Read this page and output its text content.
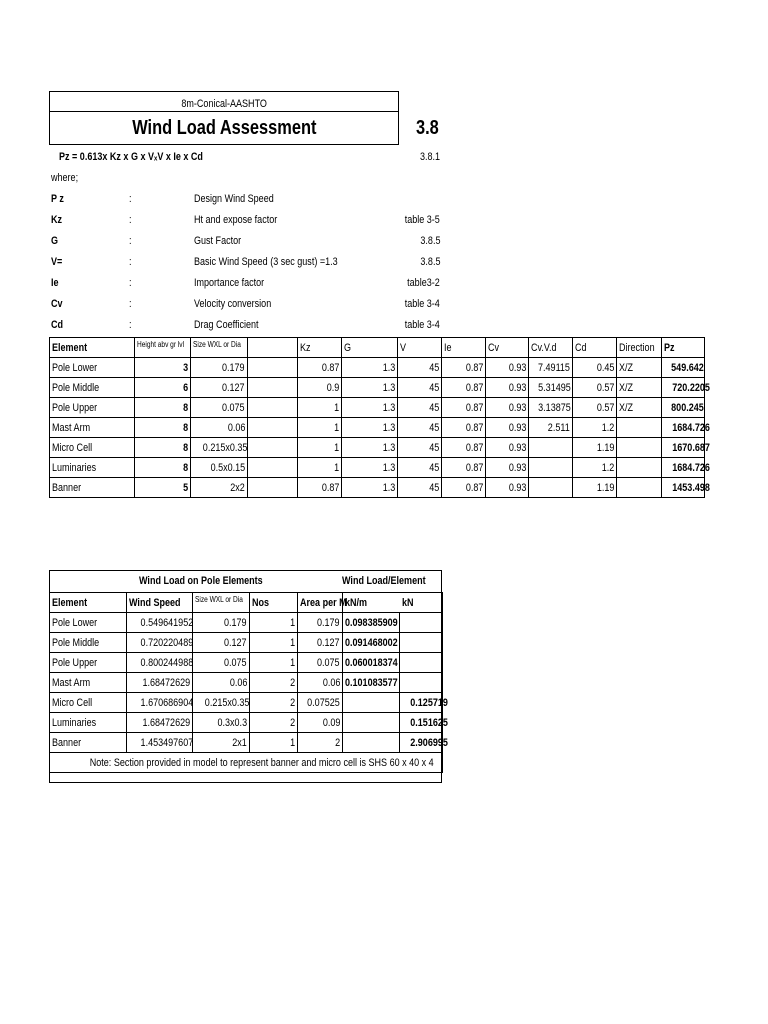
8m-Conical-AASHTO
Wind Load Assessment	3.8
Pz = 0.613x Kz x G x VₓV x Ie x Cd	3.8.1
where;
P z	:	Design Wind Speed
Kz	:	Ht and expose factor	table 3-5
G	:	Gust Factor	3.8.5
V=	:	Basic Wind Speed (3 sec gust) =1.3	3.8.5
Ie	:	Importance factor	table3-2
Cv	:	Velocity conversion	table 3-4
Cd	:	Drag Coefficient	table 3-4
Element	Height abv gr lvl	Size WXL or Dia		Kz	G	V	Ie	Cv	Cv.V.d	Cd	Direction	Pz
Pole Lower	3	0.179		0.87	1.3	45	0.87	0.93	7.49115	0.45	X/Z	549.642
Pole Middle	6	0.127		0.9	1.3	45	0.87	0.93	5.31495	0.57	X/Z	720.2205
Pole Upper	8	0.075		1	1.3	45	0.87	0.93	3.13875	0.57	X/Z	800.245
Mast Arm	8	0.06		1	1.3	45	0.87	0.93	2.511	1.2		1684.726
Micro Cell	8	0.215x0.35		1	1.3	45	0.87	0.93		1.19		1670.687
Luminaries	8	0.5x0.15		1	1.3	45	0.87	0.93		1.2		1684.726
Banner	5	2x2		0.87	1.3	45	0.87	0.93		1.19		1453.498
Wind Load on Pole Elements	Wind Load/Element
Element	Wind Speed	Size WXL or Dia	Nos	Area per M	kN/m	kN
Pole Lower	0.549641952	0.179	1	0.179	0.098385909	
Pole Middle	0.720220489	0.127	1	0.127	0.091468002	
Pole Upper	0.800244988	0.075	1	0.075	0.060018374	
Mast Arm	1.68472629	0.06	2	0.06	0.101083577	
Micro Cell	1.670686904	0.215x0.35	2	0.07525		0.125719
Luminaries	1.68472629	0.3x0.3	2	0.09		0.151625
Banner	1.453497607	2x1	1	2		2.906995
Note: Section provided in model to represent banner and micro cell is SHS 60 x 40 x 4						
